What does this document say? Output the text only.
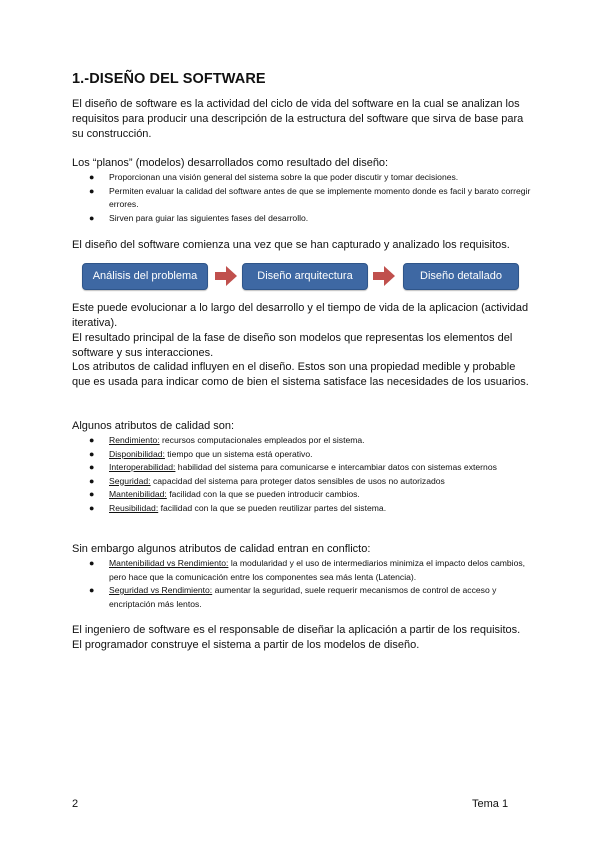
1.-DISEÑO DEL SOFTWARE

El diseño de software es la actividad del ciclo de vida del software en la cual se analizan los requisitos para producir una descripción de la estructura del software que sirva de base para su construcción.

Los “planos” (modelos) desarrollados como resultado del diseño:

● Proporcionan una visión general del sistema sobre la que poder discutir y tomar decisiones.
● Permiten evaluar la calidad del software antes de que se implemente momento donde es facil y barato corregir errores.
● Sirven para guiar las siguientes fases del desarrollo.

El diseño del software comienza una vez que se han capturado y analizado los requisitos.

Análisis del problema	Diseño arquitectura	Diseño detallado

Este puede evolucionar a lo largo del desarrollo y el tiempo de vida de la aplicacion (actividad iterativa).

El resultado principal de la fase de diseño son modelos que representas los elementos del software y sus interacciones.

Los atributos de calidad influyen en el diseño. Estos son una propiedad medible y probable que es usada para indicar como de bien el sistema satisface las necesidades de los usuarios.

Algunos atributos de calidad son:

● Rendimiento: recursos computacionales empleados por el sistema.
● Disponibilidad: tiempo que un sistema está operativo.
● Interoperabilidad: habilidad del sistema para comunicarse e intercambiar datos con sistemas externos
● Seguridad: capacidad del sistema para proteger datos sensibles de usos no autorizados
● Mantenibilidad: facilidad con la que se pueden introducir cambios.
● Reusibilidad: facilidad con la que se pueden reutilizar partes del sistema.

Sin embargo algunos atributos de calidad entran en conflicto:

● Mantenibilidad vs Rendimiento: la modularidad y el uso de intermediarios minimiza el impacto delos cambios, pero hace que la comunicación entre los componentes sea más lenta (Latencia).
● Seguridad vs Rendimiento: aumentar la seguridad, suele requerir mecanismos de control de acceso y encriptación más lentos.

El ingeniero de software es el responsable de diseñar la aplicación a partir de los requisitos.

El programador construye el sistema a partir de los modelos de diseño.

2	Tema 1
